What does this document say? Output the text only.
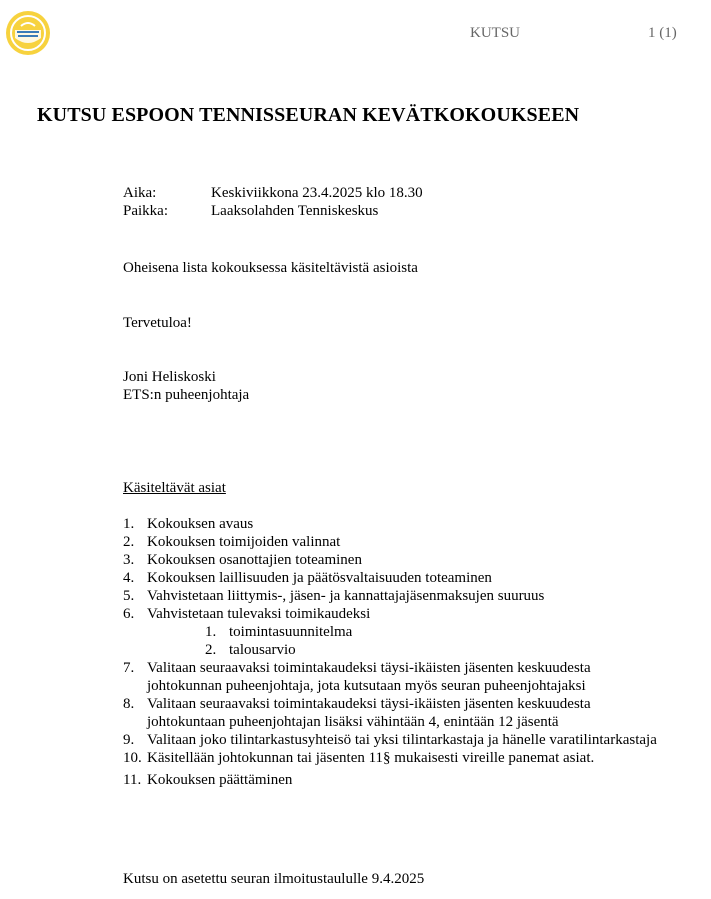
KUTSU	1 (1)
KUTSU ESPOON TENNISSEURAN KEVÄTKOKOUKSEEN
Aika:	Keskiviikkona 23.4.2025 klo 18.30
Paikka:	Laaksolahden Tenniskeskus
Oheisena lista kokouksessa käsiteltävistä asioista
Tervetuloa!
Joni Heliskoski
ETS:n puheenjohtaja
Käsiteltävät asiat
1. Kokouksen avaus
2. Kokouksen toimijoiden valinnat
3. Kokouksen osanottajien toteaminen
4. Kokouksen laillisuuden ja päätösvaltaisuuden toteaminen
5. Vahvistetaan liittymis-, jäsen- ja kannattajajäsenmaksujen suuruus
6. Vahvistetaan tulevaksi toimikaudeksi
1. toimintasuunnitelma
2. talousarvio
7. Valitaan seuraavaksi toimintakaudeksi täysi-ikäisten jäsenten keskuudesta
johtokunnan puheenjohtaja, jota kutsutaan myös seuran puheenjohtajaksi
8. Valitaan seuraavaksi toimintakaudeksi täysi-ikäisten jäsenten keskuudesta
johtokuntaan puheenjohtajan lisäksi vähintään 4, enintään 12 jäsentä
9. Valitaan joko tilintarkastusyhteisö tai yksi tilintarkastaja ja hänelle varatilintarkastaja
10. Käsitellään johtokunnan tai jäsenten 11§ mukaisesti vireille panemat asiat.
11. Kokouksen päättäminen
Kutsu on asetettu seuran ilmoitustaululle 9.4.2025
